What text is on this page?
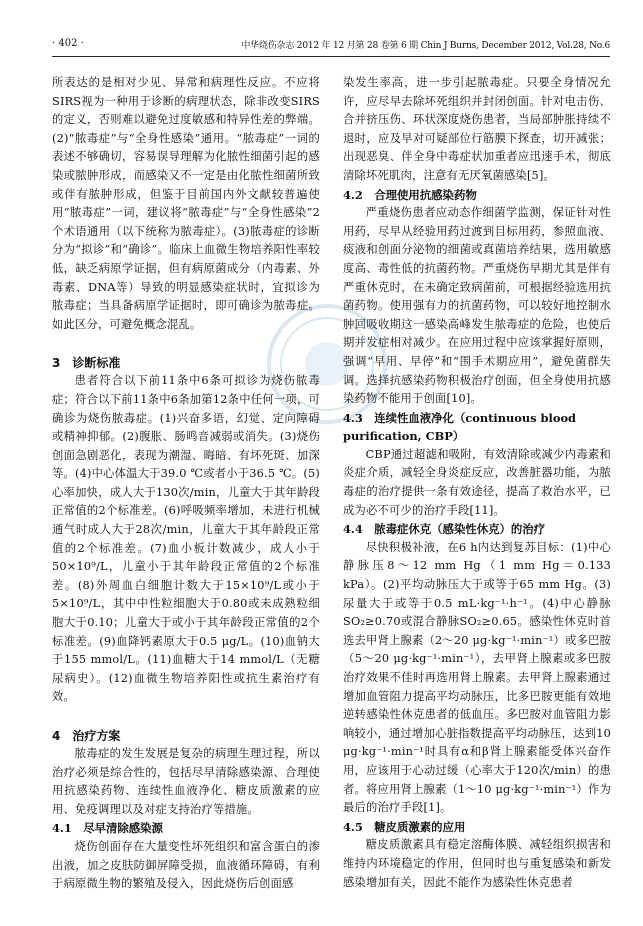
· 402 ·	中华烧伤杂志 2012 年 12 月第 28 卷第 6 期 Chin J Burns, December 2012, Vol.28, No.6

所表达的是相对少见、异常和病理性反应。不应将SIRS视为一种用于诊断的病理状态，除非改变SIRS的定义，否则难以避免过度敏感和特异性差的弊端。(2)“脓毒症”与“全身性感染”通用。“脓毒症”一词的表述不够确切，容易误导理解为化脓性细菌引起的感染或脓肿形成，而感染又不一定是由化脓性细菌所致或伴有脓肿形成，但鉴于目前国内外文献较普遍使用“脓毒症”一词，建议将“脓毒症”与“全身性感染”2个术语通用（以下统称为脓毒症）。(3)脓毒症的诊断分为“拟诊”和“确诊”。临床上血微生物培养阳性率较低，缺乏病原学证据，但有病原菌成分（内毒素、外毒素、DNA等）导致的明显感染症状时，宜拟诊为脓毒症；当具备病原学证据时，即可确诊为脓毒症。如此区分，可避免概念混乱。

3　诊断标准

患者符合以下前11条中6条可拟诊为烧伤脓毒症；符合以下前11条中6条加第12条中任何一项，可确诊为烧伤脓毒症。(1)兴奋多语，幻觉、定向障碍或精神抑郁。(2)腹胀、肠鸣音减弱或消失。(3)烧伤创面急剧恶化，表现为潮湿、晦暗、有坏死斑、加深等。(4)中心体温大于39.0 ℃或者小于36.5 ℃。(5)心率加快，成人大于130次/min，儿童大于其年龄段正常值的2个标准差。(6)呼吸频率增加，未进行机械通气时成人大于28次/min，儿童大于其年龄段正常值的2个标准差。(7)血小板计数减少，成人小于50×10⁹/L，儿童小于其年龄段正常值的2个标准差。(8)外周血白细胞计数大于15×10⁹/L或小于5×10⁹/L，其中中性粒细胞大于0.80或未成熟粒细胞大于0.10；儿童大于或小于其年龄段正常值的2个标准差。(9)血降钙素原大于0.5 μg/L。(10)血钠大于155 mmol/L。(11)血糖大于14 mmol/L（无糖尿病史）。(12)血微生物培养阳性或抗生素治疗有效。

4　治疗方案

脓毒症的发生发展是复杂的病理生理过程，所以治疗必须是综合性的，包括尽早清除感染源、合理使用抗感染药物、连续性血液净化、糖皮质激素的应用、免疫调理以及对症支持治疗等措施。

4.1　尽早清除感染源

烧伤创面存在大量变性坏死组织和富含蛋白的渗出液，加之皮肤防御屏障受损，血液循环障碍，有利于病原微生物的繁殖及侵入，因此烧伤后创面感

染发生率高，进一步引起脓毒症。只要全身情况允许，应尽早去除坏死组织并封闭创面。针对电击伤、合并挤压伤、环状深度烧伤患者，当局部肿胀持续不退时，应及早对可疑部位行筋膜下探查，切开减张；出现恶臭、伴全身中毒症状加重者应迅速手术，彻底清除坏死肌肉，注意有无厌氧菌感染[5]。

4.2　合理使用抗感染药物

严重烧伤患者应动态作细菌学监测，保证针对性用药，尽早从经验用药过渡到目标用药，参照血液、痰液和创面分泌物的细菌或真菌培养结果，选用敏感度高、毒性低的抗菌药物。严重烧伤早期尤其是伴有严重休克时，在未确定致病菌前，可根据经验选用抗菌药物。使用强有力的抗菌药物，可以较好地控制水肿回吸收期这一感染高峰发生脓毒症的危险，也使后期并发症相对减少。在应用过程中应该掌握好原则，强调“早用、早停”和“围手术期应用”，避免菌群失调。选择抗感染药物积极治疗创面，但全身使用抗感染药物不能用于创面[10]。

4.3　连续性血液净化（continuous blood purification, CBP）

CBP通过超滤和吸附，有效清除或减少内毒素和炎症介质，减轻全身炎症反应，改善脏器功能，为脓毒症的治疗提供一条有效途径，提高了救治水平，已成为必不可少的治疗手段[11]。

4.4　脓毒症休克（感染性休克）的治疗

尽快积极补液，在6 h内达到复苏目标：(1)中心静脉压8～12 mm Hg（1 mm Hg＝0.133 kPa）。(2)平均动脉压大于或等于65 mm Hg。(3)尿量大于或等于0.5 mL·kg⁻¹·h⁻¹。(4)中心静脉SO₂≥0.70或混合静脉SO₂≥0.65。感染性休克时首选去甲肾上腺素（2～20 μg·kg⁻¹·min⁻¹）或多巴胺（5～20 μg·kg⁻¹·min⁻¹），去甲肾上腺素或多巴胺治疗效果不佳时再选用肾上腺素。去甲肾上腺素通过增加血管阻力提高平均动脉压，比多巴胺更能有效地逆转感染性休克患者的低血压。多巴胺对血管阻力影响较小，通过增加心脏指数提高平均动脉压，达到10 μg·kg⁻¹·min⁻¹时具有α和β肾上腺素能受体兴奋作用，应该用于心动过缓（心率大于120次/min）的患者。将应用肾上腺素（1～10 μg·kg⁻¹·min⁻¹）作为最后的治疗手段[1]。

4.5　糖皮质激素的应用

糖皮质激素具有稳定溶酶体膜、减轻组织损害和维持内环境稳定的作用，但同时也与重复感染和新发感染增加有关，因此不能作为感染性休克患者
